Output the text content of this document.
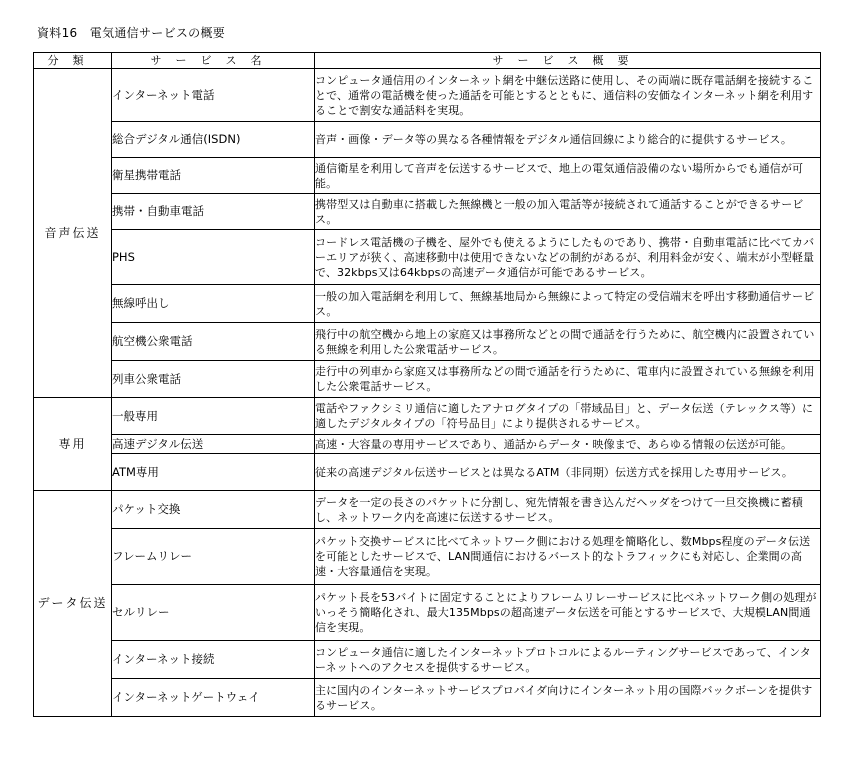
資料16　電気通信サービスの概要
分類	サービス名	サービス概要
音声伝送	インターネット電話	コンピュータ通信用のインターネット網を中継伝送路に使用し、その両端に既存電話網を接続することで、通常の電話機を使った通話を可能とするとともに、通信料の安価なインターネット網を利用することで割安な通話料を実現。
	総合デジタル通信(ISDN)	音声・画像・データ等の異なる各種情報をデジタル通信回線により総合的に提供するサービス。
	衛星携帯電話	通信衛星を利用して音声を伝送するサービスで、地上の電気通信設備のない場所からでも通信が可能。
	携帯・自動車電話	携帯型又は自動車に搭載した無線機と一般の加入電話等が接続されて通話することができるサービス。
	PHS	コードレス電話機の子機を、屋外でも使えるようにしたものであり、携帯・自動車電話に比べてカバーエリアが狭く、高速移動中は使用できないなどの制約があるが、利用料金が安く、端末が小型軽量で、32kbps又は64kbpsの高速データ通信が可能であるサービス。
	無線呼出し	一般の加入電話網を利用して、無線基地局から無線によって特定の受信端末を呼出す移動通信サービス。
	航空機公衆電話	飛行中の航空機から地上の家庭又は事務所などとの間で通話を行うために、航空機内に設置されている無線を利用した公衆電話サービス。
	列車公衆電話	走行中の列車から家庭又は事務所などの間で通話を行うために、電車内に設置されている無線を利用した公衆電話サービス。
専用	一般専用	電話やファクシミリ通信に適したアナログタイプの「帯域品目」と、データ伝送（テレックス等）に適したデジタルタイプの「符号品目」により提供されるサービス。
	高速デジタル伝送	高速・大容量の専用サービスであり、通話からデータ・映像まで、あらゆる情報の伝送が可能。
	ATM専用	従来の高速デジタル伝送サービスとは異なるATM（非同期）伝送方式を採用した専用サービス。
データ伝送	パケット交換	データを一定の長さのパケットに分割し、宛先情報を書き込んだヘッダをつけて一旦交換機に蓄積し、ネットワーク内を高速に伝送するサービス。
	フレームリレー	パケット交換サービスに比べてネットワーク側における処理を簡略化し、数Mbps程度のデータ伝送を可能としたサービスで、LAN間通信におけるバースト的なトラフィックにも対応し、企業間の高速・大容量通信を実現。
	セルリレー	パケット長を53バイトに固定することによりフレームリレーサービスに比べネットワーク側の処理がいっそう簡略化され、最大135Mbpsの超高速データ伝送を可能とするサービスで、大規模LAN間通信を実現。
	インターネット接続	コンピュータ通信に適したインターネットプロトコルによるルーティングサービスであって、インターネットへのアクセスを提供するサービス。
	インターネットゲートウェイ	主に国内のインターネットサービスプロバイダ向けにインターネット用の国際バックボーンを提供するサービス。
